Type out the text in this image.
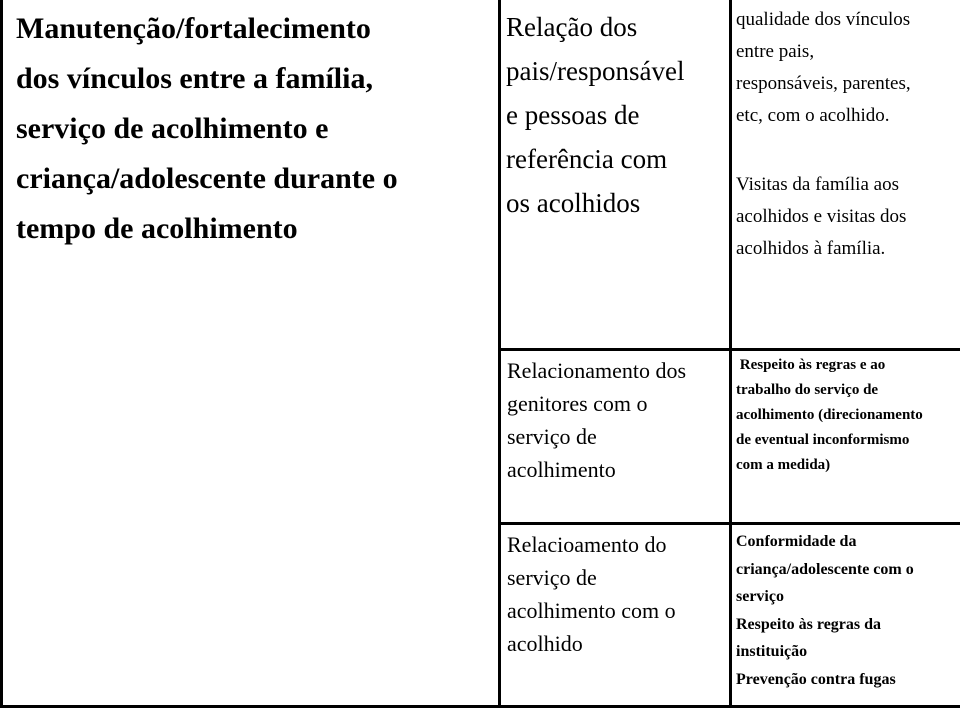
Manutenção/fortalecimento
dos vínculos entre a família,
serviço de acolhimento e
criança/adolescente durante o
tempo de acolhimento
Relação dos
pais/responsável
e pessoas de
referência com
os acolhidos
qualidade dos vínculos
entre pais,
responsáveis, parentes,
etc, com o acolhido.
Visitas da família aos
acolhidos e visitas dos
acolhidos à família.
Relacionamento dos
genitores com o
serviço de
acolhimento
Respeito às regras e ao
trabalho do serviço de
acolhimento (direcionamento
de eventual inconformismo
com a medida)
Relacioamento do
serviço de
acolhimento com o
acolhido
Conformidade da
criança/adolescente com o
serviço
Respeito às regras da
instituição
Prevenção contra fugas
